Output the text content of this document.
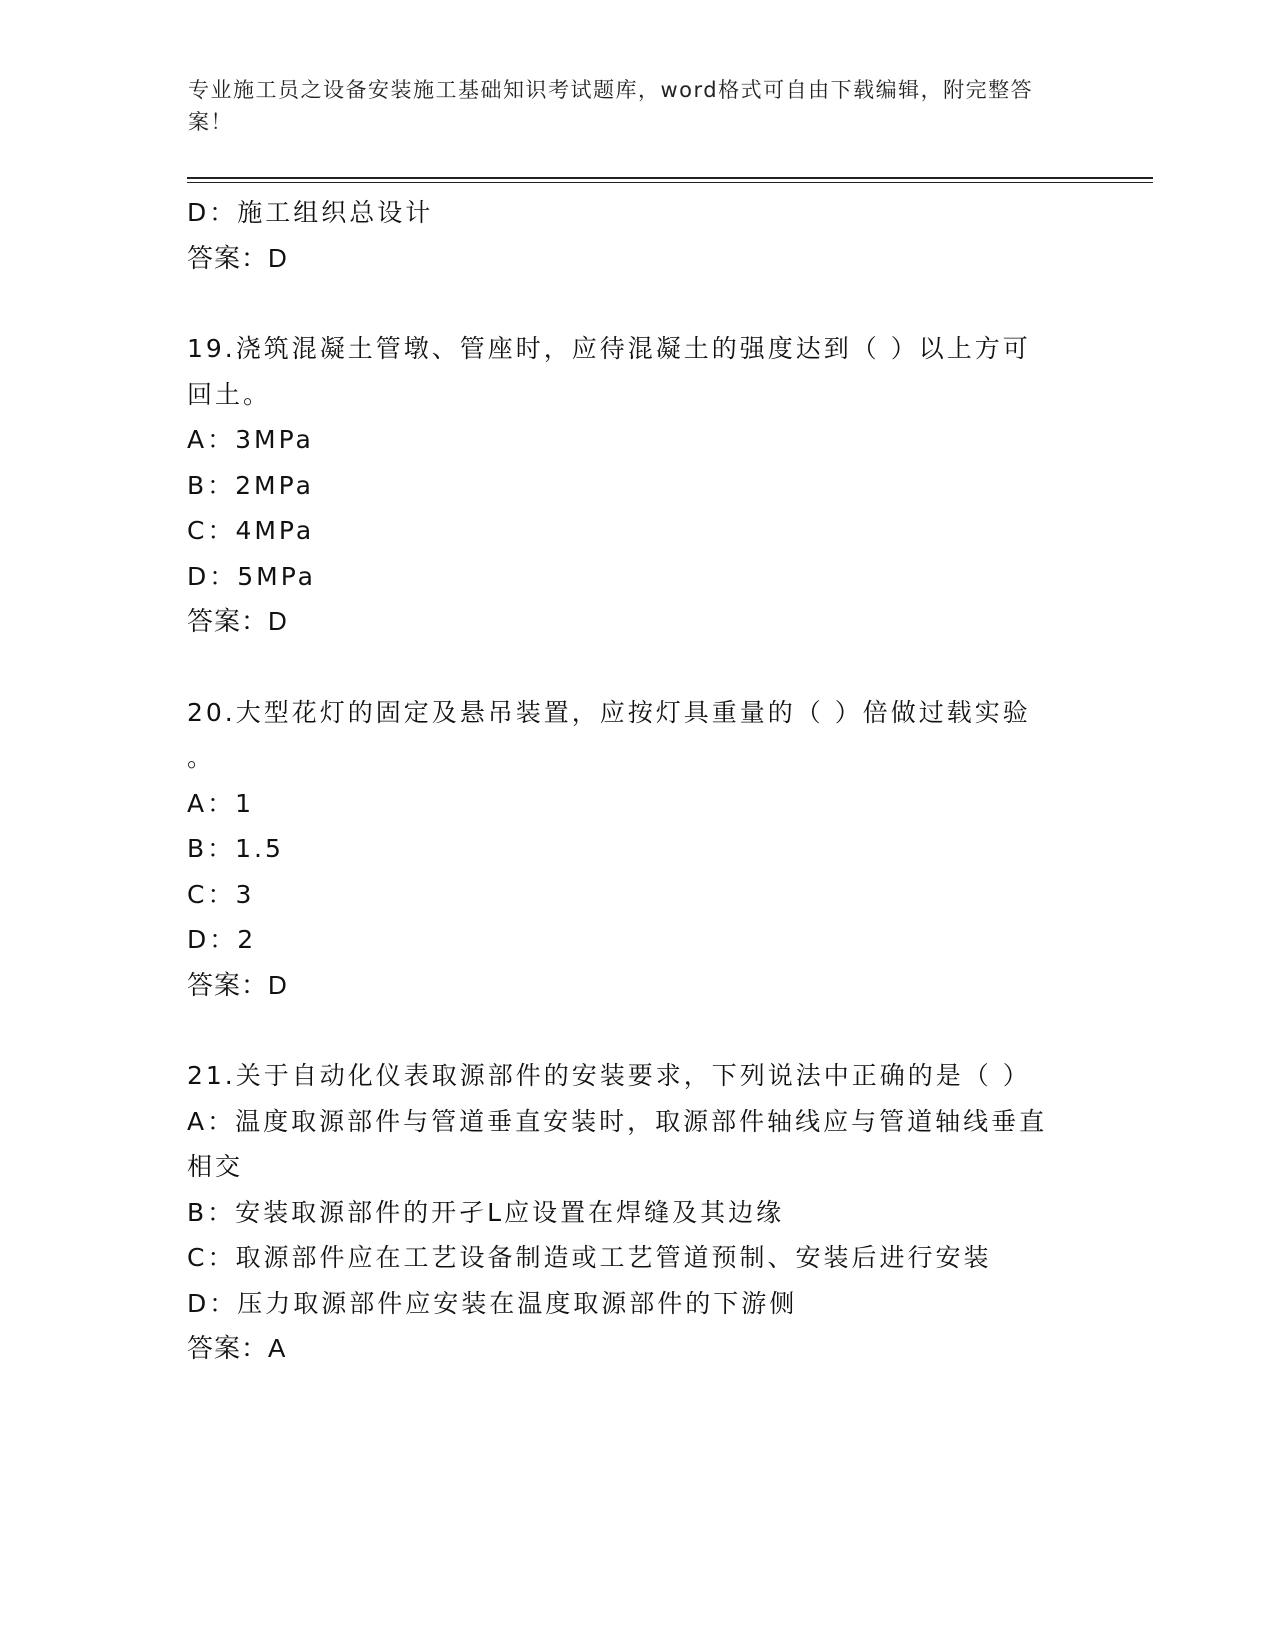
专业施工员之设备安装施工基础知识考试题库，word格式可自由下载编辑，附完整答案！
D：施工组织总设计
答案：D
19.浇筑混凝土管墩、管座时，应待混凝土的强度达到（ ）以上方可
回土。
A：3MPa
B：2MPa
C：4MPa
D：5MPa
答案：D
20.大型花灯的固定及悬吊装置，应按灯具重量的（ ）倍做过载实验
。
A：1
B：1.5
C：3
D：2
答案：D
21.关于自动化仪表取源部件的安装要求，下列说法中正确的是（ ）
A：温度取源部件与管道垂直安装时，取源部件轴线应与管道轴线垂直
相交
B：安装取源部件的开孑L应设置在焊缝及其边缘
C：取源部件应在工艺设备制造或工艺管道预制、安装后进行安装
D：压力取源部件应安装在温度取源部件的下游侧
答案：A
